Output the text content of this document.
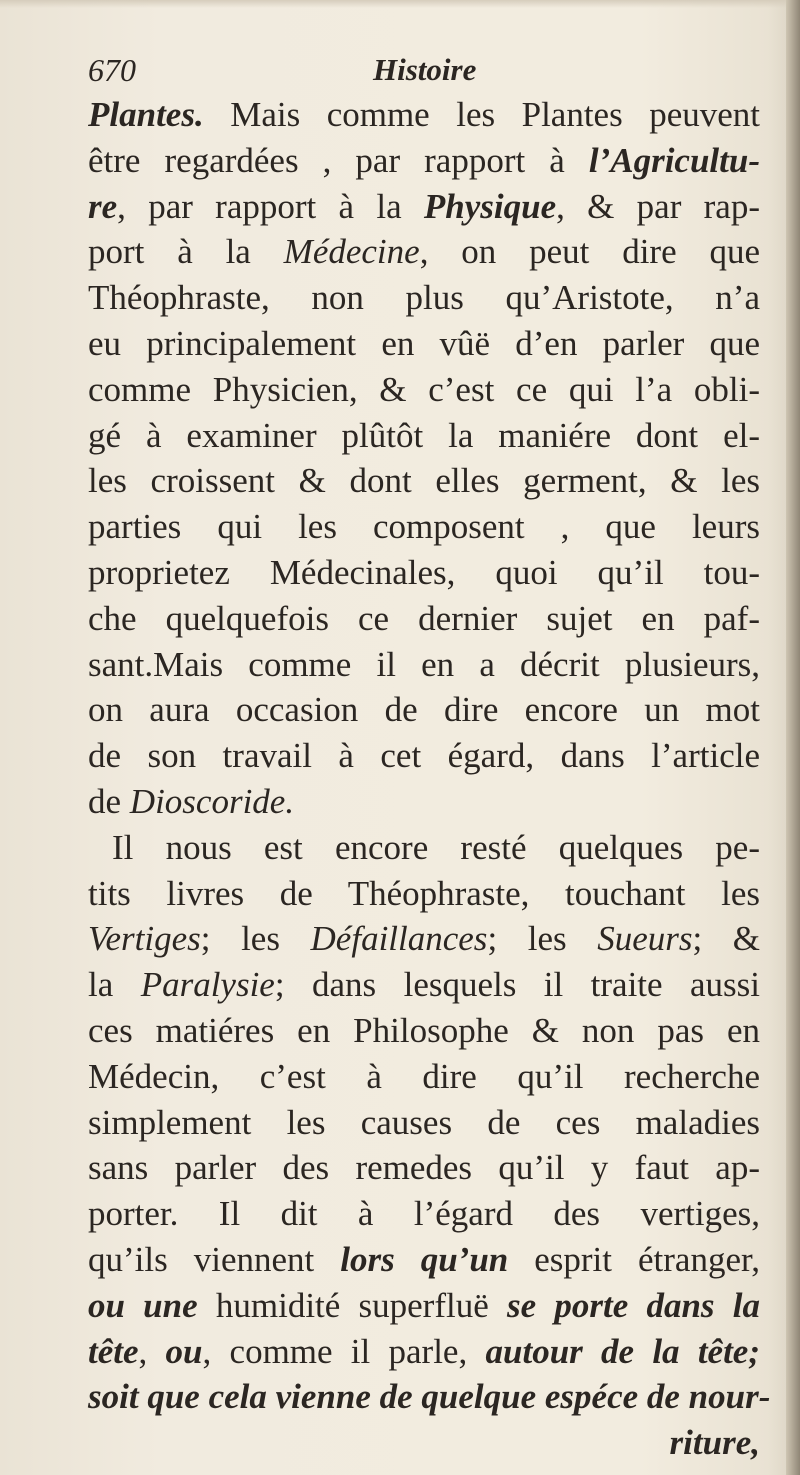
670	Histoire
Plantes. Mais comme les Plantes peuvent
être regardées , par rapport à l’Agricultu-
re, par rapport à la Physique, & par rap-
port à la Médecine, on peut dire que
Théophraste, non plus qu’Aristote, n’a
eu principalement en vûë d’en parler que
comme Physicien, & c’est ce qui l’a obli-
gé à examiner plûtôt la maniére dont el-
les croissent & dont elles germent, & les
parties qui les composent , que leurs
proprietez Médecinales, quoi qu’il tou-
che quelquefois ce dernier sujet en paf-
sant.Mais comme il en a décrit plusieurs,
on aura occasion de dire encore un mot
de son travail à cet égard, dans l’article
de Dioscoride.
Il nous est encore resté quelques pe-
tits livres de Théophraste, touchant les
Vertiges; les Défaillances; les Sueurs; &
la Paralysie; dans lesquels il traite aussi
ces matiéres en Philosophe & non pas en
Médecin, c’est à dire qu’il recherche
simplement les causes de ces maladies
sans parler des remedes qu’il y faut ap-
porter. Il dit à l’égard des vertiges,
qu’ils viennent lors qu’un esprit étranger,
ou une humidité superfluë se porte dans la
tête, ou, comme il parle, autour de la tête;
soit que cela vienne de quelque espéce de nour-
riture,
